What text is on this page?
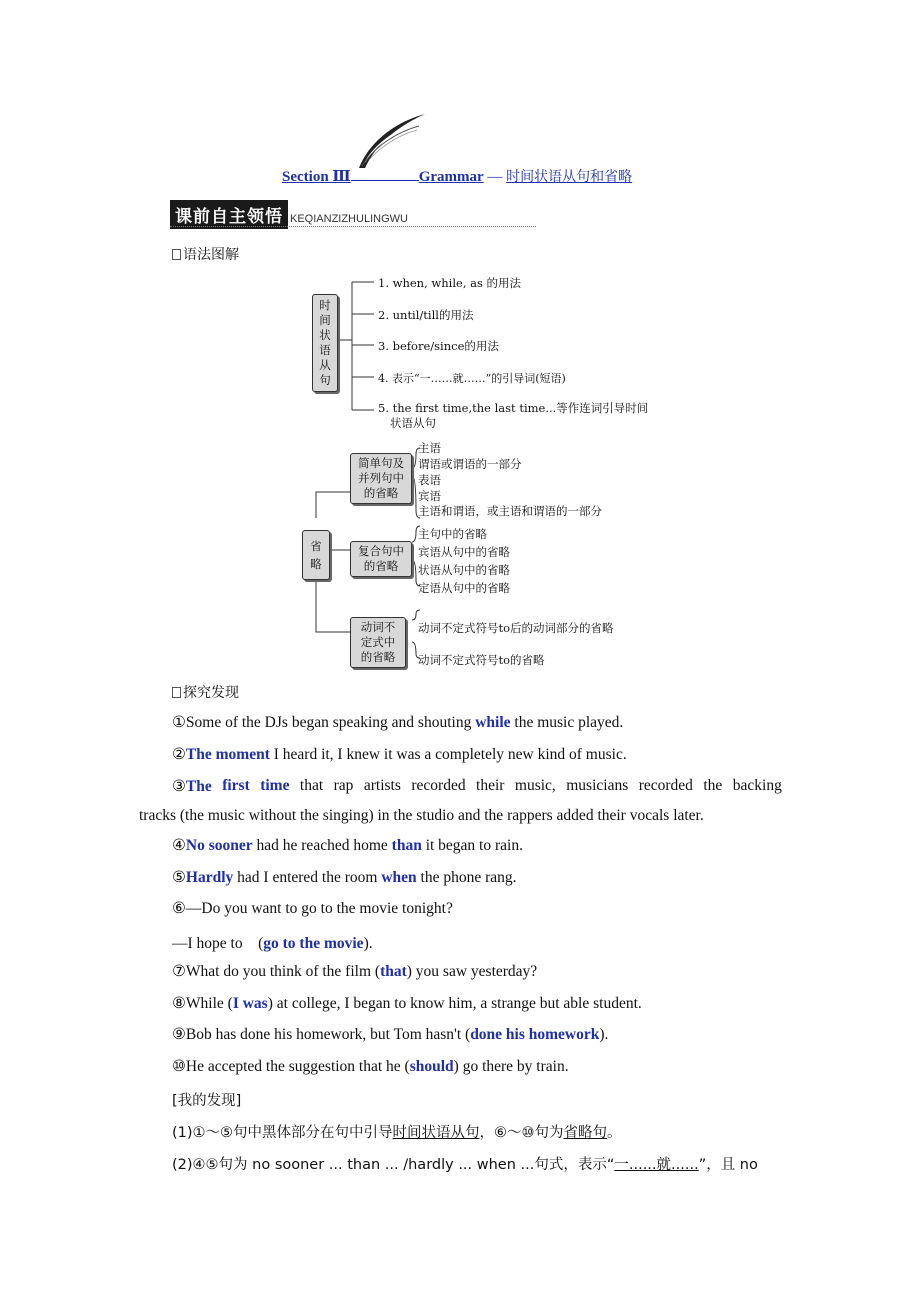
Section Ⅲ	Grammar — 时间状语从句和省略
课前自主领悟 KEQIANZIZHULINGWU
语法图解
时
间
状
语
从
句
1. when, while, as 的用法
2. until/till的用法
3. before/since的用法
4. 表示“一……就……”的引导词(短语)
5. the first time,the last time...等作连词引导时间
状语从句
省
略
简单句及
并列句中
的省略
主语
谓语或谓语的一部分
表语
宾语
主语和谓语，或主语和谓语的一部分
复合句中
的省略
主句中的省略
宾语从句中的省略
状语从句中的省略
定语从句中的省略
动词不
定式中
的省略
动词不定式符号to后的动词部分的省略
动词不定式符号to的省略
探究发现
①Some of the DJs began speaking and shouting while the music played.
②The moment I heard it, I knew it was a completely new kind of music.
③The first time that rap artists recorded their music, musicians recorded the backing
tracks (the music without the singing) in the studio and the rappers added their vocals later.
④No sooner had he reached home than it began to rain.
⑤Hardly had I entered the room when the phone rang.
⑥—Do you want to go to the movie tonight?
—I hope to　(go to the movie).
⑦What do you think of the film (that) you saw yesterday?
⑧While (I was) at college, I began to know him, a strange but able student.
⑨Bob has done his homework, but Tom hasn't (done his homework).
⑩He accepted the suggestion that he (should) go there by train.
[我的发现]
(1)①～⑤句中黑体部分在句中引导时间状语从句，⑥～⑩句为省略句。
(2)④⑤句为 no sooner ... than ... /hardly ... when ...句式，表示“一......就......”，且 no
